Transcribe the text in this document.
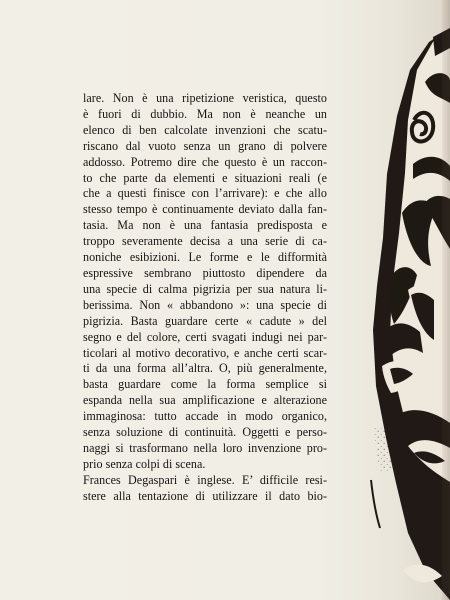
lare. Non è una ripetizione veristica, questo
è fuori di dubbio. Ma non è neanche un
elenco di ben calcolate invenzioni che scatu-
riscano dal vuoto senza un grano di polvere
addosso. Potremo dire che questo è un raccon-
to che parte da elementi e situazioni reali (e
che a questi finisce con l’arrivare): e che allo
stesso tempo è continuamente deviato dalla fan-
tasia. Ma non è una fantasia predisposta e
troppo severamente decisa a una serie di ca-
noniche esibizioni. Le forme e le difformità
espressive sembrano piuttosto dipendere da
una specie di calma pigrizia per sua natura li-
berissima. Non « abbandono »: una specie di
pigrizia. Basta guardare certe « cadute » del
segno e del colore, certi svagati indugi nei par-
ticolari al motivo decorativo, e anche certi scar-
ti da una forma all’altra. O, più generalmente,
basta guardare come la forma semplice si
espanda nella sua amplificazione e alterazione
immaginosa: tutto accade in modo organico,
senza soluzione di continuità. Oggetti e perso-
naggi si trasformano nella loro invenzione pro-
prio senza colpi di scena.
Frances Degaspari è inglese. E’ difficile resi-
stere alla tentazione di utilizzare il dato bio-
